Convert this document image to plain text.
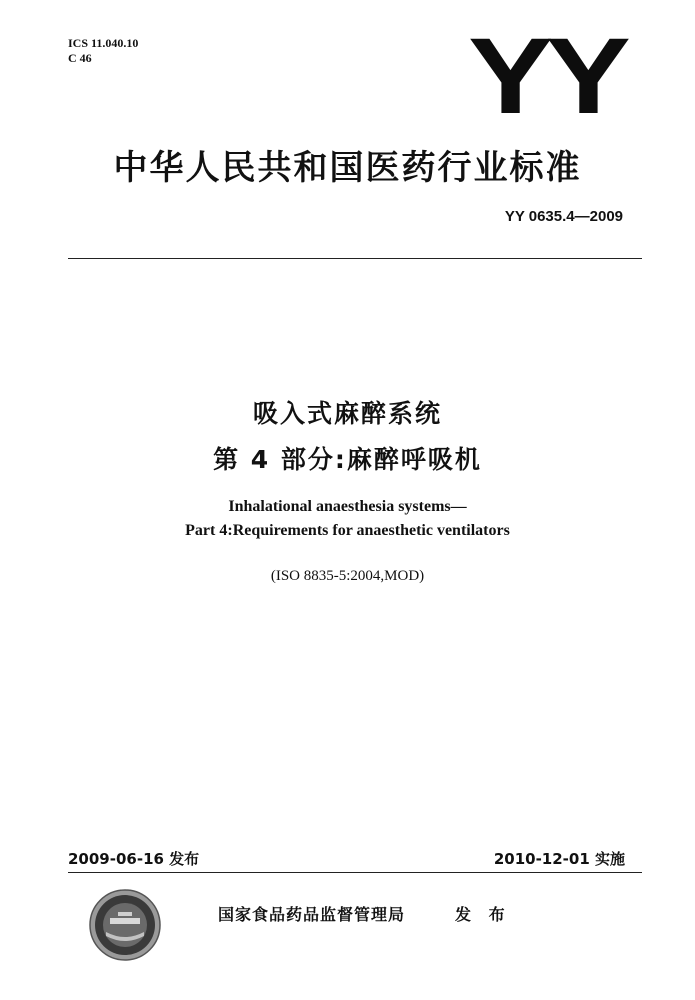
ICS 11.040.10
C 46	YY
中华人民共和国医药行业标准
YY 0635.4—2009
吸入式麻醉系统
第 4 部分:麻醉呼吸机
Inhalational anaesthesia systems—
Part 4:Requirements for anaesthetic ventilators
(ISO 8835-5:2004,MOD)
2009-06-16 发布	2010-12-01 实施
国家食品药品监督管理局	发 布
